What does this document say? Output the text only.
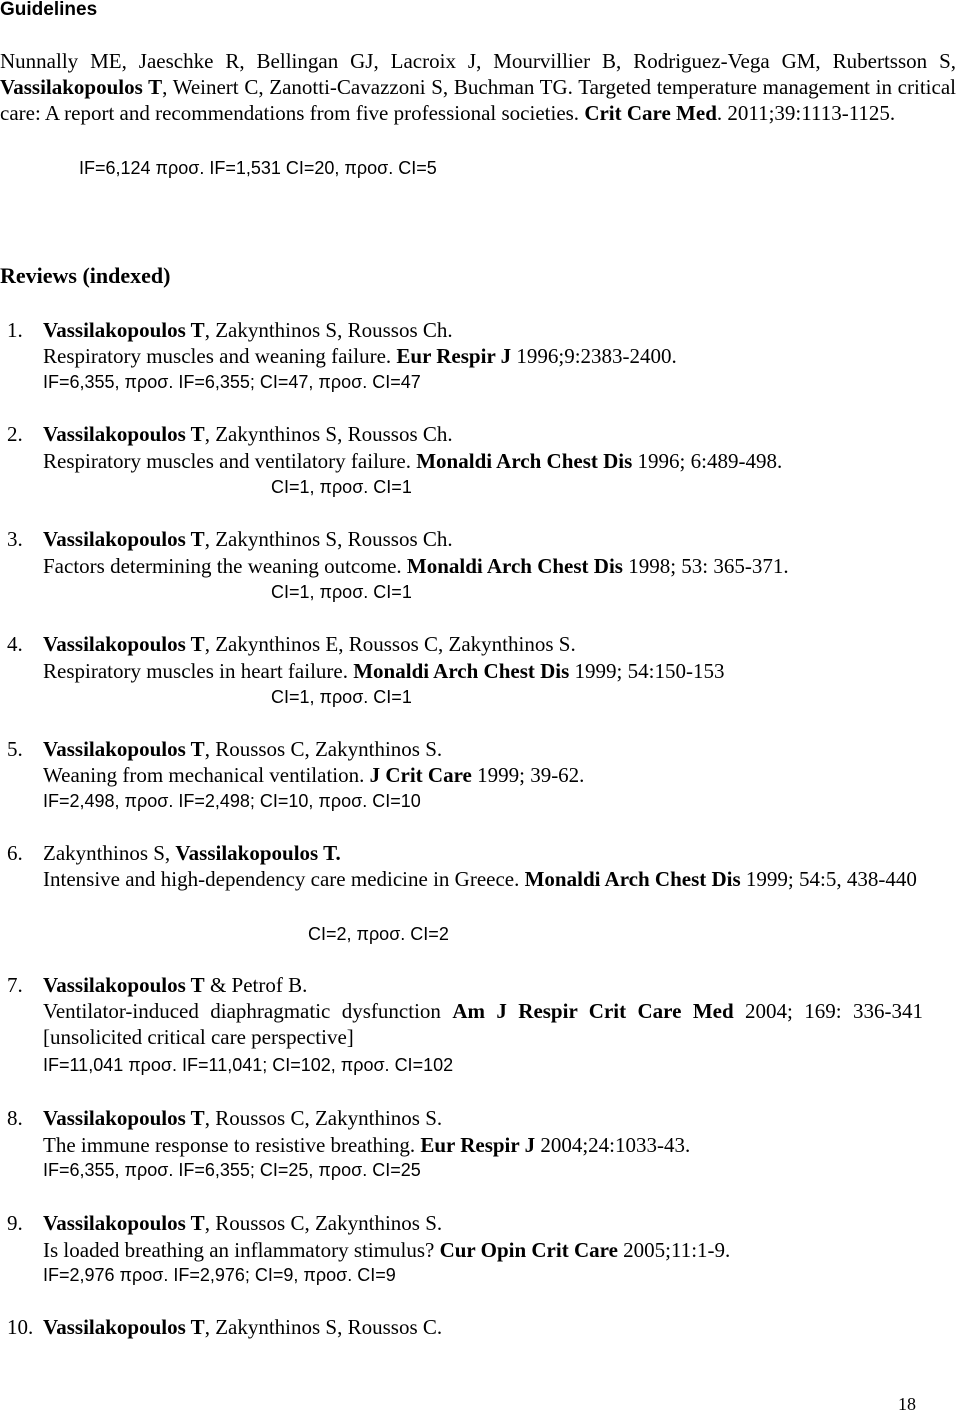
Guidelines
Nunnally ME, Jaeschke R, Bellingan GJ, Lacroix J, Mourvillier B, Rodriguez-Vega GM, Rubertsson S, Vassilakopoulos T, Weinert C, Zanotti-Cavazzoni S, Buchman TG. Targeted temperature management in critical care: A report and recommendations from five professional societies. Crit Care Med. 2011;39:1113-1125.
IF=6,124 προσ. IF=1,531 CI=20, προσ. CI=5
Reviews (indexed)
1. Vassilakopoulos T, Zakynthinos S, Roussos Ch.
Respiratory muscles and weaning failure. Eur Respir J 1996;9:2383-2400.
IF=6,355, προσ. IF=6,355; CI=47, προσ. CI=47
2. Vassilakopoulos T, Zakynthinos S, Roussos Ch.
Respiratory muscles and ventilatory failure. Monaldi Arch Chest Dis 1996; 6:489-498.
CI=1, προσ. CI=1
3. Vassilakopoulos T, Zakynthinos S, Roussos Ch.
Factors determining the weaning outcome. Monaldi Arch Chest Dis 1998; 53: 365-371.
CI=1, προσ. CI=1
4. Vassilakopoulos T, Zakynthinos E, Roussos C, Zakynthinos S.
Respiratory muscles in heart failure. Monaldi Arch Chest Dis 1999; 54:150-153
CI=1, προσ. CI=1
5. Vassilakopoulos T, Roussos C, Zakynthinos S.
Weaning from mechanical ventilation. J Crit Care 1999; 39-62.
IF=2,498, προσ. IF=2,498; CI=10, προσ. CI=10
6. Zakynthinos S, Vassilakopoulos T.
Intensive and high-dependency care medicine in Greece. Monaldi Arch Chest Dis 1999; 54:5, 438-440
CI=2, προσ. CI=2
7. Vassilakopoulos T & Petrof B.
Ventilator-induced diaphragmatic dysfunction Am J Respir Crit Care Med 2004; 169: 336-341 [unsolicited critical care perspective]
IF=11,041 προσ. IF=11,041; CI=102, προσ. CI=102
8. Vassilakopoulos T, Roussos C, Zakynthinos S.
The immune response to resistive breathing. Eur Respir J 2004;24:1033-43.
IF=6,355, προσ. IF=6,355; CI=25, προσ. CI=25
9. Vassilakopoulos T, Roussos C, Zakynthinos S.
Is loaded breathing an inflammatory stimulus? Cur Opin Crit Care 2005;11:1-9.
IF=2,976 προσ. IF=2,976; CI=9, προσ. CI=9
10. Vassilakopoulos T, Zakynthinos S, Roussos C.
18
